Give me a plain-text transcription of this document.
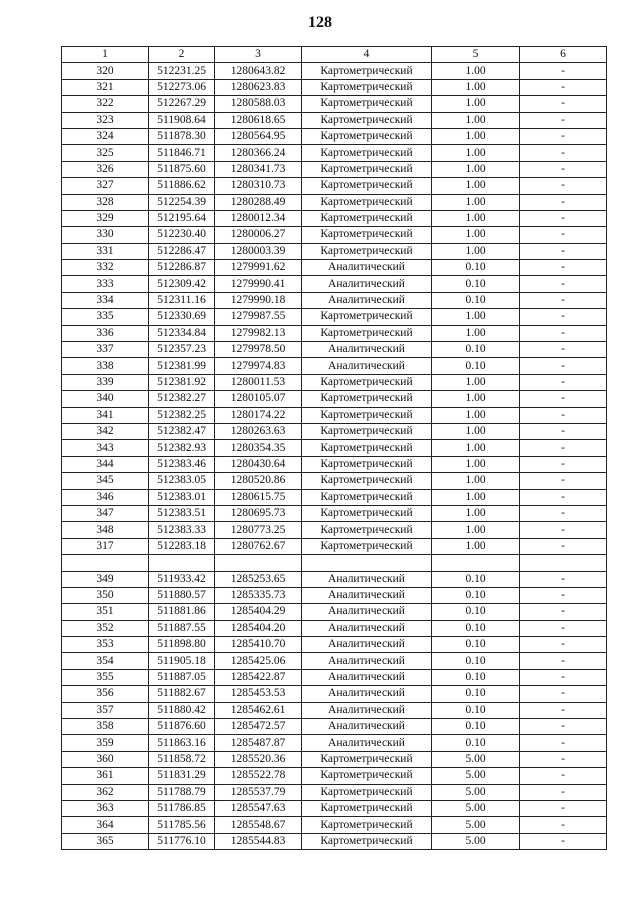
128
1	2	3	4	5	6
320	512231.25	1280643.82	Картометрический	1.00	-
321	512273.06	1280623.83	Картометрический	1.00	-
322	512267.29	1280588.03	Картометрический	1.00	-
323	511908.64	1280618.65	Картометрический	1.00	-
324	511878.30	1280564.95	Картометрический	1.00	-
325	511846.71	1280366.24	Картометрический	1.00	-
326	511875.60	1280341.73	Картометрический	1.00	-
327	511886.62	1280310.73	Картометрический	1.00	-
328	512254.39	1280288.49	Картометрический	1.00	-
329	512195.64	1280012.34	Картометрический	1.00	-
330	512230.40	1280006.27	Картометрический	1.00	-
331	512286.47	1280003.39	Картометрический	1.00	-
332	512286.87	1279991.62	Аналитический	0.10	-
333	512309.42	1279990.41	Аналитический	0.10	-
334	512311.16	1279990.18	Аналитический	0.10	-
335	512330.69	1279987.55	Картометрический	1.00	-
336	512334.84	1279982.13	Картометрический	1.00	-
337	512357.23	1279978.50	Аналитический	0.10	-
338	512381.99	1279974.83	Аналитический	0.10	-
339	512381.92	1280011.53	Картометрический	1.00	-
340	512382.27	1280105.07	Картометрический	1.00	-
341	512382.25	1280174.22	Картометрический	1.00	-
342	512382.47	1280263.63	Картометрический	1.00	-
343	512382.93	1280354.35	Картометрический	1.00	-
344	512383.46	1280430.64	Картометрический	1.00	-
345	512383.05	1280520.86	Картометрический	1.00	-
346	512383.01	1280615.75	Картометрический	1.00	-
347	512383.51	1280695.73	Картометрический	1.00	-
348	512383.33	1280773.25	Картометрический	1.00	-
317	512283.18	1280762.67	Картометрический	1.00	-

349	511933.42	1285253.65	Аналитический	0.10	-
350	511880.57	1285335.73	Аналитический	0.10	-
351	511881.86	1285404.29	Аналитический	0.10	-
352	511887.55	1285404.20	Аналитический	0.10	-
353	511898.80	1285410.70	Аналитический	0.10	-
354	511905.18	1285425.06	Аналитический	0.10	-
355	511887.05	1285422.87	Аналитический	0.10	-
356	511882.67	1285453.53	Аналитический	0.10	-
357	511880.42	1285462.61	Аналитический	0.10	-
358	511876.60	1285472.57	Аналитический	0.10	-
359	511863.16	1285487.87	Аналитический	0.10	-
360	511858.72	1285520.36	Картометрический	5.00	-
361	511831.29	1285522.78	Картометрический	5.00	-
362	511788.79	1285537.79	Картометрический	5.00	-
363	511786.85	1285547.63	Картометрический	5.00	-
364	511785.56	1285548.67	Картометрический	5.00	-
365	511776.10	1285544.83	Картометрический	5.00	-
